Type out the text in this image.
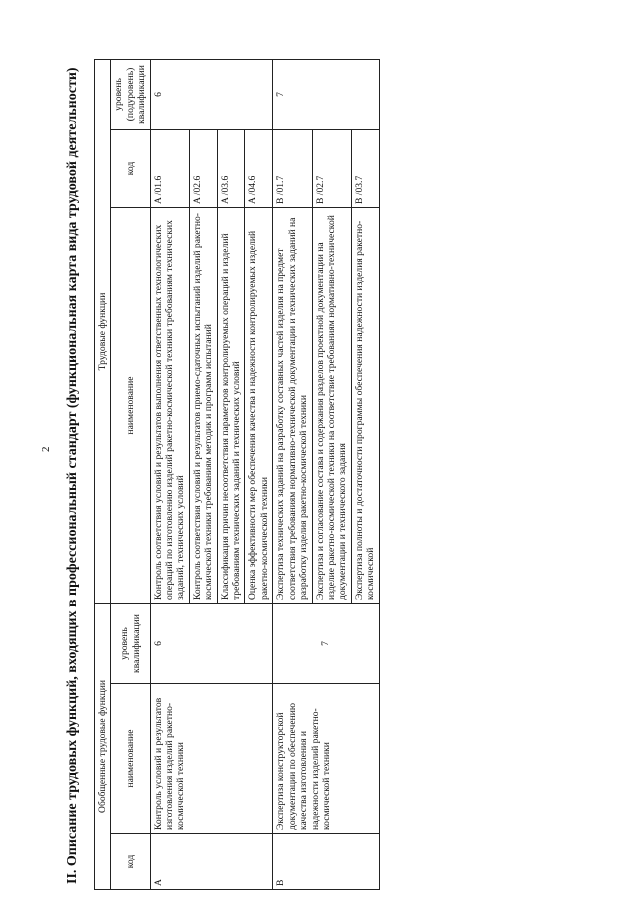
2 II. Описание трудовых функций, входящих в профессиональный стандарт (функциональная карта вида трудовой деятельности) Обобщенные трудовые функции			Трудовые функции		
код	наименование	уровень квалификации	наименование	код	уровень (подуровень) квалификации
A	Контроль условий и результатов изготовления изделий ракетно-космической техники	6	Контроль соответствия условий и результатов выполнения ответственных технологических операций по изготовлению изделий ракетно-космической техники требованиям технических заданий, технических условий	A /01.6	6
			Контроль соответствия условий и результатов приемо-сдаточных испытаний изделий ракетно-космической техники требованиям методик и программ испытаний	A /02.6	
			Классификация причин несоответствия параметров контролируемых операций и изделий требованиям технических заданий и технических условий	A /03.6	
			Оценка эффективности мер обеспечения качества и надежности контролируемых изделий ракетно-космической техники	A /04.6	
B	Экспертиза конструкторской документации по обеспечению качества изготовления и надежности изделий ракетно-космической техники	7	Экспертиза технических заданий на разработку составных частей изделия на предмет соответствия требованиям нормативно-технической документации и технических заданий на разработку изделия ракетно-космической техники	B /01.7	7
			Экспертиза и согласование состава и содержания разделов проектной документации на изделие ракетно-космической техники на соответствие требованиям нормативно-технической документации и технического задания	B /02.7	
			Экспертиза полноты и достаточности программы обеспечения надежности изделия ракетно-космической	B /03.7	
